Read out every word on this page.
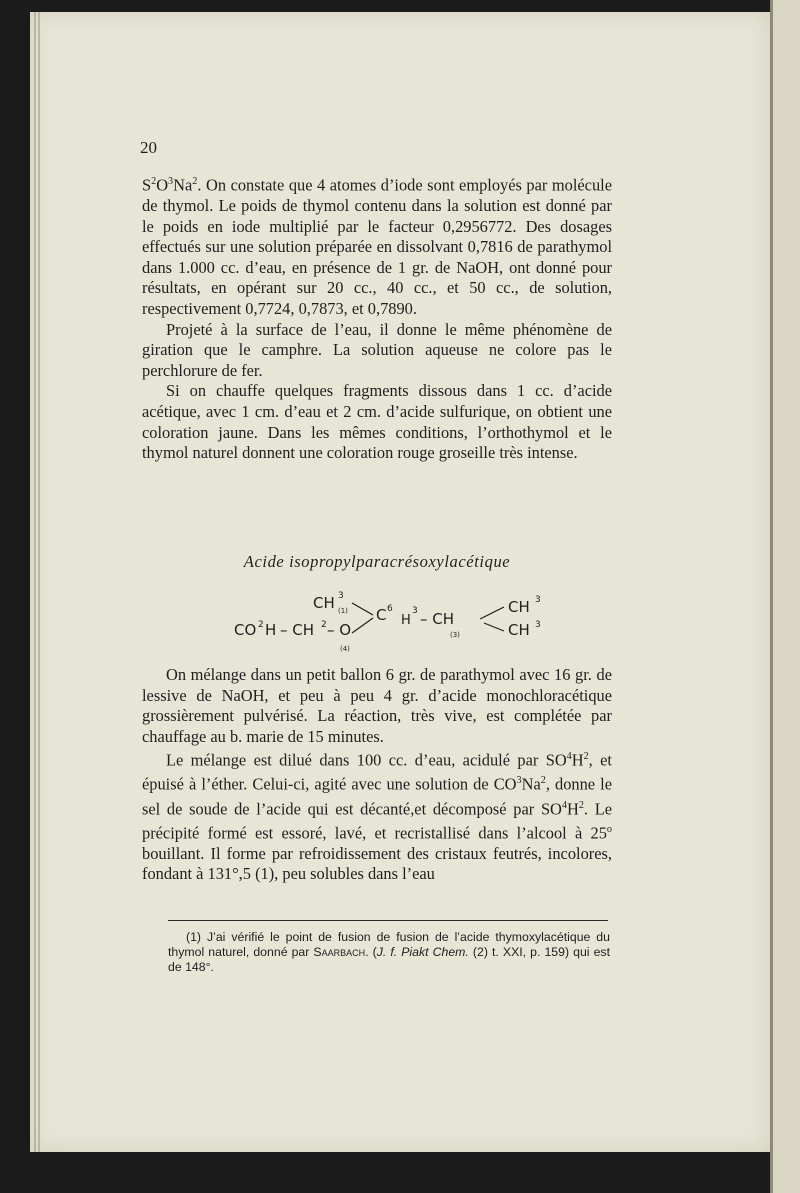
20

$S^2O^3Na^2$. On constate que 4 atomes d’iode sont employés par molécule de thymol. Le poids de thymol contenu dans la solution est donné par le poids en iode multiplié par le facteur 0,2956772. Des dosages effectués sur une solution préparée en dissolvant 0,7816 de parathymol dans 1.000 cc. d’eau, en présence de 1 gr. de NaOH, ont donné pour résultats, en opérant sur 20 cc., 40 cc., et 50 cc., de solution, respectivement 0,7724, 0,7873, et 0,7890.

Projeté à la surface de l’eau, il donne le même phénomène de giration que le camphre. La solution aqueuse ne colore pas le perchlorure de fer.

Si on chauffe quelques fragments dissous dans 1 cc. d’acide acétique, avec 1 cm. d’eau et 2 cm. d’acide sulfurique, on obtient une coloration jaune. Dans les mêmes conditions, l’orthothymol et le thymol naturel donnent une coloration rouge groseille très intense.

Acide isopropylparacrésoxylacétique
CH 3
(1)
CO 2 H – CH 2 – O
(4)
C 6
H
3 – CH
(3)
CH 3
CH 3

On mélange dans un petit ballon 6 gr. de parathymol avec 16 gr. de lessive de NaOH, et peu à peu 4 gr. d’acide monochloracétique grossièrement pulvérisé. La réaction, très vive, est complétée par chauffage au b. marie de 15 minutes.

Le mélange est dilué dans 100 cc. d’eau, acidulé par $SO^4H^2$, et épuisé à l’éther. Celui-ci, agité avec une solution de $CO^3Na^2$, donne le sel de soude de l’acide qui est décanté,et décomposé par $SO^4H^2$. Le précipité formé est essoré, lavé, et recristallisé dans l’alcool à 25$^o$ bouillant. Il forme par refroidissement des cristaux feutrés, incolores, fondant à 131°,5 (1), peu solubles dans l’eau

(1) J’ai vérifié le point de fusion de fusion de l’acide thymoxylacétique du thymol naturel, donné par Saarbach. (J. f. Piakt Chem. (2) t. XXI, p. 159) qui est de 148°.
